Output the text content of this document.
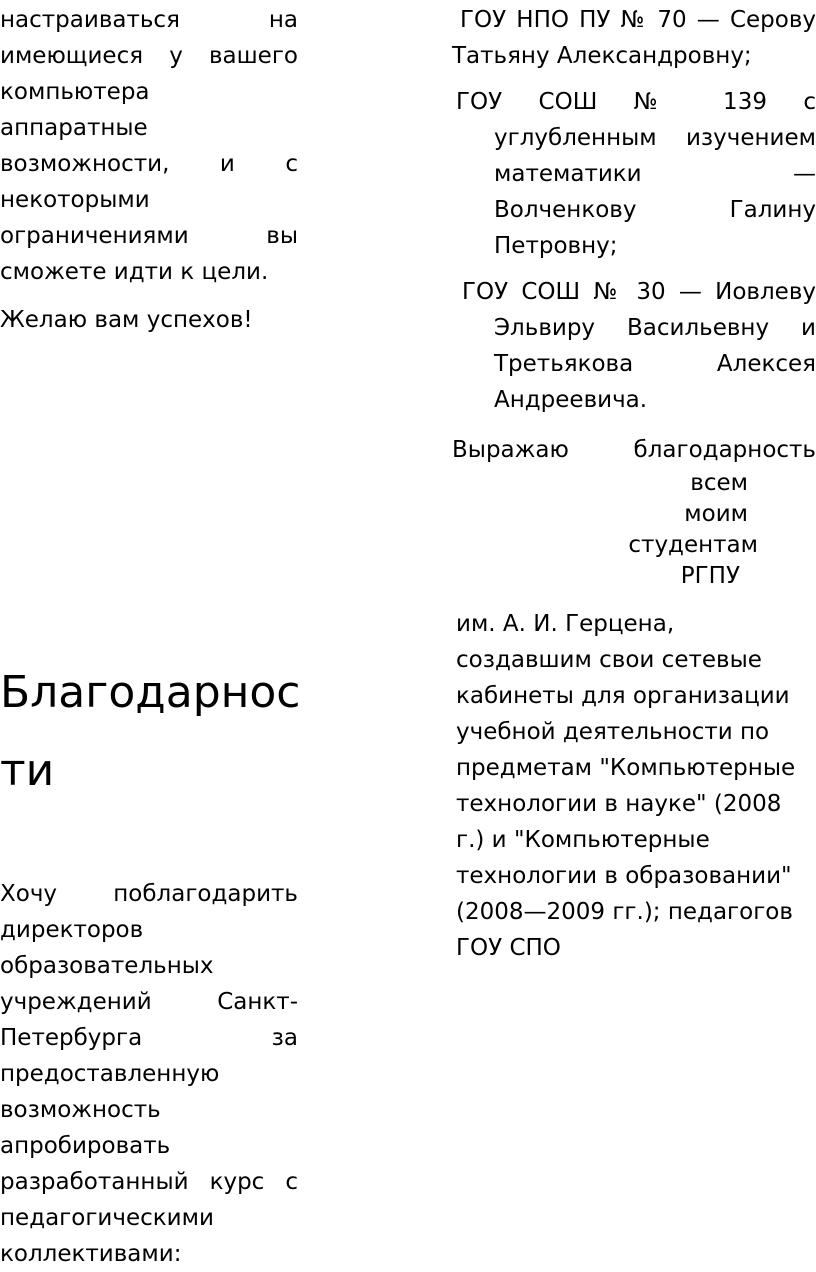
настраиваться на имеющиеся у вашего компьютера аппаратные возможности, и с некоторыми ограничениями вы сможете идти к цели.

Желаю вам успехов!

Благодарнос
ти

Хочу поблагодарить директоров образовательных учреждений Санкт-Петербурга за предоставленную возможность апробировать разработанный курс с педагогическими коллективами:

ГОУ НПО ПУ № 70 — Серову Татьяну Александровну;

ГОУ СОШ № 139 с углубленным изучением математики — Волченкову Галину Петровну;

ГОУ СОШ № 30 — Иовлеву Эльвиру Васильевну и Третьякова Алексея Андреевича.

Выражаю	благодарность
всем
моим
студентам
РГПУ

им. А. И. Герцена, создавшим свои сетевые кабинеты для организации учебной деятельности по предметам "Компьютерные технологии в науке" (2008 г.) и "Компьютерные технологии в образовании" (2008—2009 гг.); педагогов ГОУ СПО
